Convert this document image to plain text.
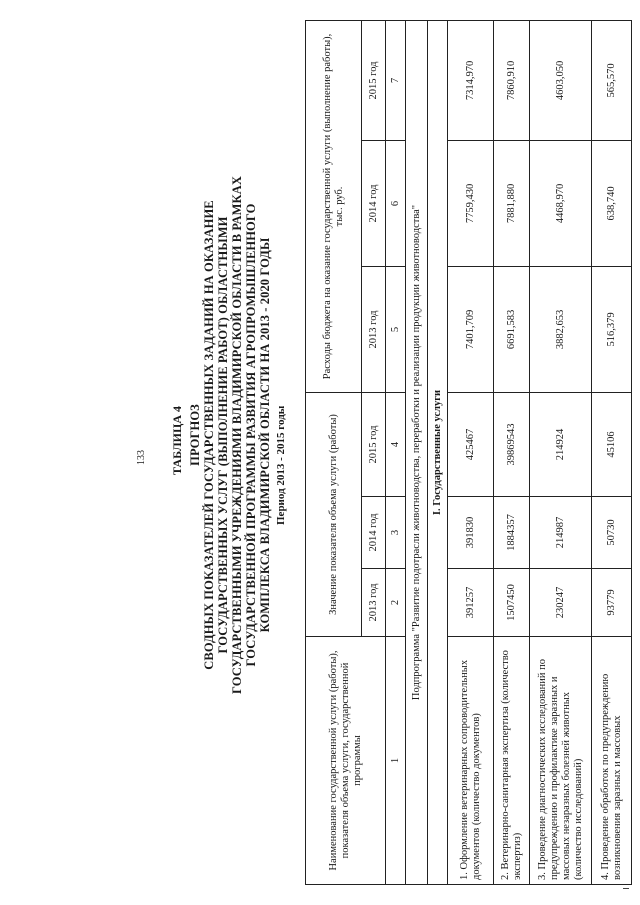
133 ТАБЛИЦА 4 ПРОГНОЗ СВОДНЫХ ПОКАЗАТЕЛЕЙ ГОСУДАРСТВЕННЫХ ЗАДАНИЙ НА ОКАЗАНИЕ ГОСУДАРСТВЕННЫХ УСЛУГ (ВЫПОЛНЕНИЕ РАБОТ) ОБЛАСТНЫМИ ГОСУДАРСТВЕННЫМИ УЧРЕЖДЕНИЯМИ ВЛАДИМИРСКОЙ ОБЛАСТИ В РАМКАХ ГОСУДАРСТВЕННОЙ ПРОГРАММЫ РАЗВИТИЯ АГРОПРОМЫШЛЕННОГО КОМПЛЕКСА ВЛАДИМИРСКОЙ ОБЛАСТИ НА 2013 - 2020 ГОДЫ Период 2013 - 2015 годы
Наименование государственной услуги (работы), показателя объема услуги, государственной программы	Значение показателя объема услуги (работы)			Расходы бюджета на оказание государственной услуги (выполнение работы), тыс. руб.		
	2013 год	2014 год	2015 год	2013 год	2014 год	2015 год
1	2	3	4	5	6	7
Подпрограмма "Развитие подотрасли животноводства, переработки и реализации продукции животноводства"						
I. Государственные услуги						
1. Оформление ветеринарных сопроводительных документов (количество документов)	391257	391830	425467	7401,709	7759,430	7314,970
2. Ветеринарно-санитарная экспертиза (количество экспертиз)	1507450	1884357	39869543	6691,583	7881,880	7860,910
3. Проведение диагностических исследований по предупреждению и профилактике заразных и массовых незаразных болезней животных (количество исследований)	230247	214987	214924	3882,653	4468,970	4603,050
4. Проведение обработок по предупреждению возникновения заразных и массовых	93779	50730	45106	516,379	638,740	565,570
